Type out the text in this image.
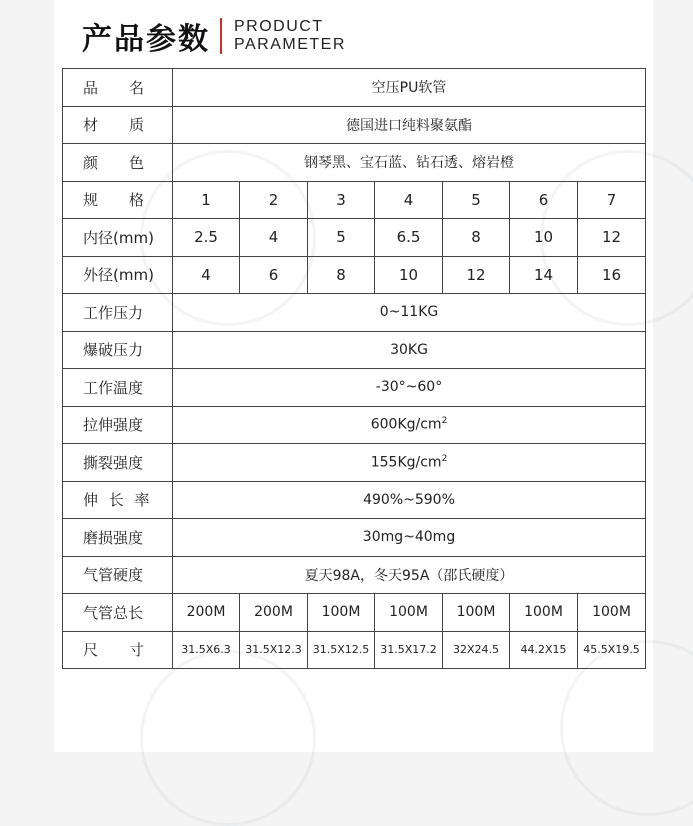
产品参数 PRODUCT
PARAMETER
品　名	空压PU软管						
材　质	德国进口纯料聚氨酯						
颜　色	钢琴黑、宝石蓝、钻石透、熔岩橙						
规　格	1	2	3	4	5	6	7
内径(mm)	2.5	4	5	6.5	8	10	12
外径(mm)	4	6	8	10	12	14	16
工作压力	0~11KG						
爆破压力	30KG						
工作温度	-30°~60°						
拉伸强度	$600Kg/cm^2$
撕裂强度	$155Kg/cm^2$
伸 长 率	490%~590%						
磨损强度	30mg~40mg						
气管硬度	夏天98A，冬天95A（邵氏硬度）						
气管总长	200M	200M	100M	100M	100M	100M	100M
尺　寸	31.5X6.3	31.5X12.3	31.5X12.5	31.5X17.2	32X24.5	44.2X15	45.5X19.5
